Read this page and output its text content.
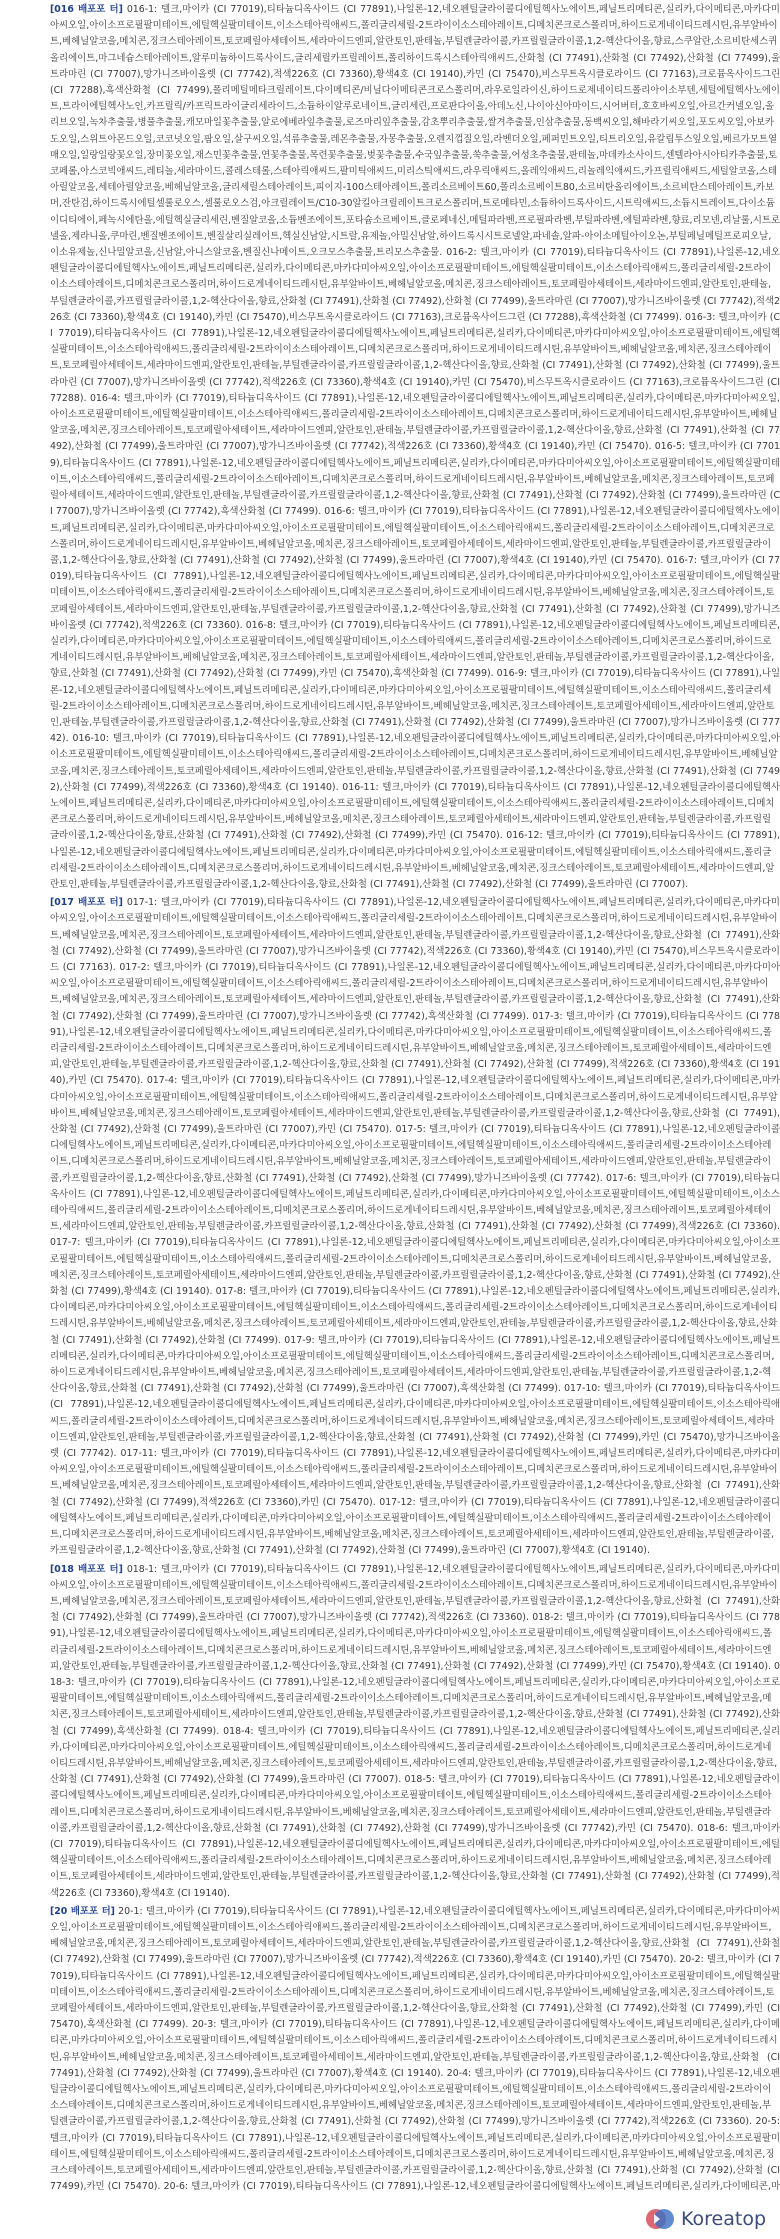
[016 배포포 터] 016-1: 텔크,마이카 (CI 77019),티타늄디옥사이드 (CI 77891),나일론-12,네오펜틸글라이콜디에틸헥사노에이트,페닐트리메티콘,실리카,다이메티콘,마카다미아씨오일,아이소프로필팔미테이트,에틸헥실팔미테이트,이소스테아릭애씨드,폴리글리세릴-2트라이이소스테아레이트,디메치콘크로스폴리머,하이드로게네이티드레시틴,유부알바이트,베헤닐알코올,메치콘,징크스테아레이트,토코페릴아세테이트,세라마이드엔피,알란토인,판테놀,부틸렌글라이콜,카프릴릴글라이콜,1,2-헥산다이올,향료,스쿠알란,소르비탄세스퀴올리에이트,마그네슘스테아레이트,알루미늄하이드록사이드,글리세릴카프릴레이트,폴리하이드록시스테아릭애씨드,산화철 (CI 77491),산화철 (CI 77492),산화철 (CI 77499),울트라마린 (CI 77007),망가니즈바이올렛 (CI 77742),적색226호 (CI 73360),황색4호 (CI 19140),카민 (CI 75470),비스무트옥시클로라이드 (CI 77163),크로뮴옥사이드그린 (CI 77288),흑색산화철 (CI 77499),폴리메틸메타크릴레이트,다이메티콘/비닐다이메티콘크로스폴리머,라우로일라이신,하이드로제네이티드폴리아이소부텐,세틸에틸헥사노에이트,트라이에틸헥사노인,카프릴릭/카프릭트라이글리세라이드,소듐하이알루로네이트,글리세린,프로판다이올,아데노신,나이아신아마이드,시어버터,호호바씨오일,아르간커넬오일,올리브오일,녹차추출물,병풀추출물,캐모마일꽃추출물,알로에베라잎추출물,로즈마리잎추출물,감초뿌리추출물,쌀겨추출물,인삼추출물,동백씨오일,해바라기씨오일,포도씨오일,아보카도오일,스위트아몬드오일,코코넛오일,팜오일,살구씨오일,석류추출물,레몬추출물,자몽추출물,오렌지껍질오일,라벤더오일,페퍼민트오일,티트리오일,유칼립투스잎오일,베르가모트열매오일,일랑일랑꽃오일,장미꽃오일,재스민꽃추출물,연꽃추출물,목련꽃추출물,벚꽃추출물,수국잎추출물,쑥추출물,어성초추출물,판테놀,마데카소사이드,센텔라아시아티카추출물,토코페롤,아스코빅애씨드,레티놀,세라마이드,콜레스테롤,스테아릭애씨드,팔미틱애씨드,미리스틱애씨드,라우릭애씨드,올레익애씨드,리놀레익애씨드,카프릴릭애씨드,세틸알코올,스테아릴알코올,세테아릴알코올,베헤닐알코올,글리세릴스테아레이트,피이지-100스테아레이트,폴리소르베이트60,폴리소르베이트80,소르비탄올리에이트,소르비탄스테아레이트,카보머,잔탄검,하이드록시에틸셀룰로오스,셀룰로오스검,아크릴레이트/C10-30알킬아크릴레이트크로스폴리머,트로메타민,소듐하이드록사이드,시트릭애씨드,소듐시트레이트,다이소듐이디티에이,페녹시에탄올,에틸헥실글리세린,벤질알코올,소듐벤조에이트,포타슘소르베이트,클로페네신,메틸파라벤,프로필파라벤,부틸파라벤,에틸파라벤,향료,리모넨,리날룰,시트로넬올,제라니올,쿠마린,벤질벤조에이트,벤질살리실레이트,헥실신남알,시트랄,유제놀,아밀신남알,하이드록시시트로넬알,파네솔,알파-아이소메틸아이오논,부틸페닐메틸프로피오날,이소유제놀,신나밀알코올,신남알,아니스알코올,벤질신나메이트,오크모스추출물,트리모스추출물. 016-2: 텔크,마이카 (CI 77019),티타늄디옥사이드 (CI 77891),나일론-12,네오펜틸글라이콜디에틸헥사노에이트,페닐트리메티콘,실리카,다이메티콘,마카다미아씨오일,아이소프로필팔미테이트,에틸헥실팔미테이트,이소스테아릭애씨드,폴리글리세릴-2트라이이소스테아레이트,디메치콘크로스폴리머,하이드로게네이티드레시틴,유부알바이트,베헤닐알코올,메치콘,징크스테아레이트,토코페릴아세테이트,세라마이드엔피,알란토인,판테놀,부틸렌글라이콜,카프릴릴글라이콜,1,2-헥산다이올,향료,산화철 (CI 77491),산화철 (CI 77492),산화철 (CI 77499),울트라마린 (CI 77007),망가니즈바이올렛 (CI 77742),적색226호 (CI 73360),황색4호 (CI 19140),카민 (CI 75470),비스무트옥시클로라이드 (CI 77163),크로뮴옥사이드그린 (CI 77288),흑색산화철 (CI 77499). 016-3: 텔크,마이카 (CI 77019),티타늄디옥사이드 (CI 77891),나일론-12,네오펜틸글라이콜디에틸헥사노에이트,페닐트리메티콘,실리카,다이메티콘,마카다미아씨오일,아이소프로필팔미테이트,에틸헥실팔미테이트,이소스테아릭애씨드,폴리글리세릴-2트라이이소스테아레이트,디메치콘크로스폴리머,하이드로게네이티드레시틴,유부알바이트,베헤닐알코올,메치콘,징크스테아레이트,토코페릴아세테이트,세라마이드엔피,알란토인,판테놀,부틸렌글라이콜,카프릴릴글라이콜,1,2-헥산다이올,향료,산화철 (CI 77491),산화철 (CI 77492),산화철 (CI 77499),울트라마린 (CI 77007),망가니즈바이올렛 (CI 77742),적색226호 (CI 73360),황색4호 (CI 19140),카민 (CI 75470),비스무트옥시클로라이드 (CI 77163),크로뮴옥사이드그린 (CI 77288). 016-4: 텔크,마이카 (CI 77019),티타늄디옥사이드 (CI 77891),나일론-12,네오펜틸글라이콜디에틸헥사노에이트,페닐트리메티콘,실리카,다이메티콘,마카다미아씨오일,아이소프로필팔미테이트,에틸헥실팔미테이트,이소스테아릭애씨드,폴리글리세릴-2트라이이소스테아레이트,디메치콘크로스폴리머,하이드로게네이티드레시틴,유부알바이트,베헤닐알코올,메치콘,징크스테아레이트,토코페릴아세테이트,세라마이드엔피,알란토인,판테놀,부틸렌글라이콜,카프릴릴글라이콜,1,2-헥산다이올,향료,산화철 (CI 77491),산화철 (CI 77492),산화철 (CI 77499),울트라마린 (CI 77007),망가니즈바이올렛 (CI 77742),적색226호 (CI 73360),황색4호 (CI 19140),카민 (CI 75470). 016-5: 텔크,마이카 (CI 77019),티타늄디옥사이드 (CI 77891),나일론-12,네오펜틸글라이콜디에틸헥사노에이트,페닐트리메티콘,실리카,다이메티콘,마카다미아씨오일,아이소프로필팔미테이트,에틸헥실팔미테이트,이소스테아릭애씨드,폴리글리세릴-2트라이이소스테아레이트,디메치콘크로스폴리머,하이드로게네이티드레시틴,유부알바이트,베헤닐알코올,메치콘,징크스테아레이트,토코페릴아세테이트,세라마이드엔피,알란토인,판테놀,부틸렌글라이콜,카프릴릴글라이콜,1,2-헥산다이올,향료,산화철 (CI 77491),산화철 (CI 77492),산화철 (CI 77499),울트라마린 (CI 77007),망가니즈바이올렛 (CI 77742),흑색산화철 (CI 77499). 016-6: 텔크,마이카 (CI 77019),티타늄디옥사이드 (CI 77891),나일론-12,네오펜틸글라이콜디에틸헥사노에이트,페닐트리메티콘,실리카,다이메티콘,마카다미아씨오일,아이소프로필팔미테이트,에틸헥실팔미테이트,이소스테아릭애씨드,폴리글리세릴-2트라이이소스테아레이트,디메치콘크로스폴리머,하이드로게네이티드레시틴,유부알바이트,베헤닐알코올,메치콘,징크스테아레이트,토코페릴아세테이트,세라마이드엔피,알란토인,판테놀,부틸렌글라이콜,카프릴릴글라이콜,1,2-헥산다이올,향료,산화철 (CI 77491),산화철 (CI 77492),산화철 (CI 77499),울트라마린 (CI 77007),황색4호 (CI 19140),카민 (CI 75470). 016-7: 텔크,마이카 (CI 77019),티타늄디옥사이드 (CI 77891),나일론-12,네오펜틸글라이콜디에틸헥사노에이트,페닐트리메티콘,실리카,다이메티콘,마카다미아씨오일,아이소프로필팔미테이트,에틸헥실팔미테이트,이소스테아릭애씨드,폴리글리세릴-2트라이이소스테아레이트,디메치콘크로스폴리머,하이드로게네이티드레시틴,유부알바이트,베헤닐알코올,메치콘,징크스테아레이트,토코페릴아세테이트,세라마이드엔피,알란토인,판테놀,부틸렌글라이콜,카프릴릴글라이콜,1,2-헥산다이올,향료,산화철 (CI 77491),산화철 (CI 77492),산화철 (CI 77499),망가니즈바이올렛 (CI 77742),적색226호 (CI 73360). 016-8: 텔크,마이카 (CI 77019),티타늄디옥사이드 (CI 77891),나일론-12,네오펜틸글라이콜디에틸헥사노에이트,페닐트리메티콘,실리카,다이메티콘,마카다미아씨오일,아이소프로필팔미테이트,에틸헥실팔미테이트,이소스테아릭애씨드,폴리글리세릴-2트라이이소스테아레이트,디메치콘크로스폴리머,하이드로게네이티드레시틴,유부알바이트,베헤닐알코올,메치콘,징크스테아레이트,토코페릴아세테이트,세라마이드엔피,알란토인,판테놀,부틸렌글라이콜,카프릴릴글라이콜,1,2-헥산다이올,향료,산화철 (CI 77491),산화철 (CI 77492),산화철 (CI 77499),카민 (CI 75470),흑색산화철 (CI 77499). 016-9: 텔크,마이카 (CI 77019),티타늄디옥사이드 (CI 77891),나일론-12,네오펜틸글라이콜디에틸헥사노에이트,페닐트리메티콘,실리카,다이메티콘,마카다미아씨오일,아이소프로필팔미테이트,에틸헥실팔미테이트,이소스테아릭애씨드,폴리글리세릴-2트라이이소스테아레이트,디메치콘크로스폴리머,하이드로게네이티드레시틴,유부알바이트,베헤닐알코올,메치콘,징크스테아레이트,토코페릴아세테이트,세라마이드엔피,알란토인,판테놀,부틸렌글라이콜,카프릴릴글라이콜,1,2-헥산다이올,향료,산화철 (CI 77491),산화철 (CI 77492),산화철 (CI 77499),울트라마린 (CI 77007),망가니즈바이올렛 (CI 77742). 016-10: 텔크,마이카 (CI 77019),티타늄디옥사이드 (CI 77891),나일론-12,네오펜틸글라이콜디에틸헥사노에이트,페닐트리메티콘,실리카,다이메티콘,마카다미아씨오일,아이소프로필팔미테이트,에틸헥실팔미테이트,이소스테아릭애씨드,폴리글리세릴-2트라이이소스테아레이트,디메치콘크로스폴리머,하이드로게네이티드레시틴,유부알바이트,베헤닐알코올,메치콘,징크스테아레이트,토코페릴아세테이트,세라마이드엔피,알란토인,판테놀,부틸렌글라이콜,카프릴릴글라이콜,1,2-헥산다이올,향료,산화철 (CI 77491),산화철 (CI 77492),산화철 (CI 77499),적색226호 (CI 73360),황색4호 (CI 19140). 016-11: 텔크,마이카 (CI 77019),티타늄디옥사이드 (CI 77891),나일론-12,네오펜틸글라이콜디에틸헥사노에이트,페닐트리메티콘,실리카,다이메티콘,마카다미아씨오일,아이소프로필팔미테이트,에틸헥실팔미테이트,이소스테아릭애씨드,폴리글리세릴-2트라이이소스테아레이트,디메치콘크로스폴리머,하이드로게네이티드레시틴,유부알바이트,베헤닐알코올,메치콘,징크스테아레이트,토코페릴아세테이트,세라마이드엔피,알란토인,판테놀,부틸렌글라이콜,카프릴릴글라이콜,1,2-헥산다이올,향료,산화철 (CI 77491),산화철 (CI 77492),산화철 (CI 77499),카민 (CI 75470). 016-12: 텔크,마이카 (CI 77019),티타늄디옥사이드 (CI 77891),나일론-12,네오펜틸글라이콜디에틸헥사노에이트,페닐트리메티콘,실리카,다이메티콘,마카다미아씨오일,아이소프로필팔미테이트,에틸헥실팔미테이트,이소스테아릭애씨드,폴리글리세릴-2트라이이소스테아레이트,디메치콘크로스폴리머,하이드로게네이티드레시틴,유부알바이트,베헤닐알코올,메치콘,징크스테아레이트,토코페릴아세테이트,세라마이드엔피,알란토인,판테놀,부틸렌글라이콜,카프릴릴글라이콜,1,2-헥산다이올,향료,산화철 (CI 77491),산화철 (CI 77492),산화철 (CI 77499),울트라마린 (CI 77007).

[017 배포포 터] 017-1: 텔크,마이카 (CI 77019),티타늄디옥사이드 (CI 77891),나일론-12,네오펜틸글라이콜디에틸헥사노에이트,페닐트리메티콘,실리카,다이메티콘,마카다미아씨오일,아이소프로필팔미테이트,에틸헥실팔미테이트,이소스테아릭애씨드,폴리글리세릴-2트라이이소스테아레이트,디메치콘크로스폴리머,하이드로게네이티드레시틴,유부알바이트,베헤닐알코올,메치콘,징크스테아레이트,토코페릴아세테이트,세라마이드엔피,알란토인,판테놀,부틸렌글라이콜,카프릴릴글라이콜,1,2-헥산다이올,향료,산화철 (CI 77491),산화철 (CI 77492),산화철 (CI 77499),울트라마린 (CI 77007),망가니즈바이올렛 (CI 77742),적색226호 (CI 73360),황색4호 (CI 19140),카민 (CI 75470),비스무트옥시클로라이드 (CI 77163). 017-2: 텔크,마이카 (CI 77019),티타늄디옥사이드 (CI 77891),나일론-12,네오펜틸글라이콜디에틸헥사노에이트,페닐트리메티콘,실리카,다이메티콘,마카다미아씨오일,아이소프로필팔미테이트,에틸헥실팔미테이트,이소스테아릭애씨드,폴리글리세릴-2트라이이소스테아레이트,디메치콘크로스폴리머,하이드로게네이티드레시틴,유부알바이트,베헤닐알코올,메치콘,징크스테아레이트,토코페릴아세테이트,세라마이드엔피,알란토인,판테놀,부틸렌글라이콜,카프릴릴글라이콜,1,2-헥산다이올,향료,산화철 (CI 77491),산화철 (CI 77492),산화철 (CI 77499),울트라마린 (CI 77007),망가니즈바이올렛 (CI 77742),흑색산화철 (CI 77499). 017-3: 텔크,마이카 (CI 77019),티타늄디옥사이드 (CI 77891),나일론-12,네오펜틸글라이콜디에틸헥사노에이트,페닐트리메티콘,실리카,다이메티콘,마카다미아씨오일,아이소프로필팔미테이트,에틸헥실팔미테이트,이소스테아릭애씨드,폴리글리세릴-2트라이이소스테아레이트,디메치콘크로스폴리머,하이드로게네이티드레시틴,유부알바이트,베헤닐알코올,메치콘,징크스테아레이트,토코페릴아세테이트,세라마이드엔피,알란토인,판테놀,부틸렌글라이콜,카프릴릴글라이콜,1,2-헥산다이올,향료,산화철 (CI 77491),산화철 (CI 77492),산화철 (CI 77499),적색226호 (CI 73360),황색4호 (CI 19140),카민 (CI 75470). 017-4: 텔크,마이카 (CI 77019),티타늄디옥사이드 (CI 77891),나일론-12,네오펜틸글라이콜디에틸헥사노에이트,페닐트리메티콘,실리카,다이메티콘,마카다미아씨오일,아이소프로필팔미테이트,에틸헥실팔미테이트,이소스테아릭애씨드,폴리글리세릴-2트라이이소스테아레이트,디메치콘크로스폴리머,하이드로게네이티드레시틴,유부알바이트,베헤닐알코올,메치콘,징크스테아레이트,토코페릴아세테이트,세라마이드엔피,알란토인,판테놀,부틸렌글라이콜,카프릴릴글라이콜,1,2-헥산다이올,향료,산화철 (CI 77491),산화철 (CI 77492),산화철 (CI 77499),울트라마린 (CI 77007),카민 (CI 75470). 017-5: 텔크,마이카 (CI 77019),티타늄디옥사이드 (CI 77891),나일론-12,네오펜틸글라이콜디에틸헥사노에이트,페닐트리메티콘,실리카,다이메티콘,마카다미아씨오일,아이소프로필팔미테이트,에틸헥실팔미테이트,이소스테아릭애씨드,폴리글리세릴-2트라이이소스테아레이트,디메치콘크로스폴리머,하이드로게네이티드레시틴,유부알바이트,베헤닐알코올,메치콘,징크스테아레이트,토코페릴아세테이트,세라마이드엔피,알란토인,판테놀,부틸렌글라이콜,카프릴릴글라이콜,1,2-헥산다이올,향료,산화철 (CI 77491),산화철 (CI 77492),산화철 (CI 77499),망가니즈바이올렛 (CI 77742). 017-6: 텔크,마이카 (CI 77019),티타늄디옥사이드 (CI 77891),나일론-12,네오펜틸글라이콜디에틸헥사노에이트,페닐트리메티콘,실리카,다이메티콘,마카다미아씨오일,아이소프로필팔미테이트,에틸헥실팔미테이트,이소스테아릭애씨드,폴리글리세릴-2트라이이소스테아레이트,디메치콘크로스폴리머,하이드로게네이티드레시틴,유부알바이트,베헤닐알코올,메치콘,징크스테아레이트,토코페릴아세테이트,세라마이드엔피,알란토인,판테놀,부틸렌글라이콜,카프릴릴글라이콜,1,2-헥산다이올,향료,산화철 (CI 77491),산화철 (CI 77492),산화철 (CI 77499),적색226호 (CI 73360). 017-7: 텔크,마이카 (CI 77019),티타늄디옥사이드 (CI 77891),나일론-12,네오펜틸글라이콜디에틸헥사노에이트,페닐트리메티콘,실리카,다이메티콘,마카다미아씨오일,아이소프로필팔미테이트,에틸헥실팔미테이트,이소스테아릭애씨드,폴리글리세릴-2트라이이소스테아레이트,디메치콘크로스폴리머,하이드로게네이티드레시틴,유부알바이트,베헤닐알코올,메치콘,징크스테아레이트,토코페릴아세테이트,세라마이드엔피,알란토인,판테놀,부틸렌글라이콜,카프릴릴글라이콜,1,2-헥산다이올,향료,산화철 (CI 77491),산화철 (CI 77492),산화철 (CI 77499),황색4호 (CI 19140). 017-8: 텔크,마이카 (CI 77019),티타늄디옥사이드 (CI 77891),나일론-12,네오펜틸글라이콜디에틸헥사노에이트,페닐트리메티콘,실리카,다이메티콘,마카다미아씨오일,아이소프로필팔미테이트,에틸헥실팔미테이트,이소스테아릭애씨드,폴리글리세릴-2트라이이소스테아레이트,디메치콘크로스폴리머,하이드로게네이티드레시틴,유부알바이트,베헤닐알코올,메치콘,징크스테아레이트,토코페릴아세테이트,세라마이드엔피,알란토인,판테놀,부틸렌글라이콜,카프릴릴글라이콜,1,2-헥산다이올,향료,산화철 (CI 77491),산화철 (CI 77492),산화철 (CI 77499). 017-9: 텔크,마이카 (CI 77019),티타늄디옥사이드 (CI 77891),나일론-12,네오펜틸글라이콜디에틸헥사노에이트,페닐트리메티콘,실리카,다이메티콘,마카다미아씨오일,아이소프로필팔미테이트,에틸헥실팔미테이트,이소스테아릭애씨드,폴리글리세릴-2트라이이소스테아레이트,디메치콘크로스폴리머,하이드로게네이티드레시틴,유부알바이트,베헤닐알코올,메치콘,징크스테아레이트,토코페릴아세테이트,세라마이드엔피,알란토인,판테놀,부틸렌글라이콜,카프릴릴글라이콜,1,2-헥산다이올,향료,산화철 (CI 77491),산화철 (CI 77492),산화철 (CI 77499),울트라마린 (CI 77007),흑색산화철 (CI 77499). 017-10: 텔크,마이카 (CI 77019),티타늄디옥사이드 (CI 77891),나일론-12,네오펜틸글라이콜디에틸헥사노에이트,페닐트리메티콘,실리카,다이메티콘,마카다미아씨오일,아이소프로필팔미테이트,에틸헥실팔미테이트,이소스테아릭애씨드,폴리글리세릴-2트라이이소스테아레이트,디메치콘크로스폴리머,하이드로게네이티드레시틴,유부알바이트,베헤닐알코올,메치콘,징크스테아레이트,토코페릴아세테이트,세라마이드엔피,알란토인,판테놀,부틸렌글라이콜,카프릴릴글라이콜,1,2-헥산다이올,향료,산화철 (CI 77491),산화철 (CI 77492),산화철 (CI 77499),카민 (CI 75470),망가니즈바이올렛 (CI 77742). 017-11: 텔크,마이카 (CI 77019),티타늄디옥사이드 (CI 77891),나일론-12,네오펜틸글라이콜디에틸헥사노에이트,페닐트리메티콘,실리카,다이메티콘,마카다미아씨오일,아이소프로필팔미테이트,에틸헥실팔미테이트,이소스테아릭애씨드,폴리글리세릴-2트라이이소스테아레이트,디메치콘크로스폴리머,하이드로게네이티드레시틴,유부알바이트,베헤닐알코올,메치콘,징크스테아레이트,토코페릴아세테이트,세라마이드엔피,알란토인,판테놀,부틸렌글라이콜,카프릴릴글라이콜,1,2-헥산다이올,향료,산화철 (CI 77491),산화철 (CI 77492),산화철 (CI 77499),적색226호 (CI 73360),카민 (CI 75470). 017-12: 텔크,마이카 (CI 77019),티타늄디옥사이드 (CI 77891),나일론-12,네오펜틸글라이콜디에틸헥사노에이트,페닐트리메티콘,실리카,다이메티콘,마카다미아씨오일,아이소프로필팔미테이트,에틸헥실팔미테이트,이소스테아릭애씨드,폴리글리세릴-2트라이이소스테아레이트,디메치콘크로스폴리머,하이드로게네이티드레시틴,유부알바이트,베헤닐알코올,메치콘,징크스테아레이트,토코페릴아세테이트,세라마이드엔피,알란토인,판테놀,부틸렌글라이콜,카프릴릴글라이콜,1,2-헥산다이올,향료,산화철 (CI 77491),산화철 (CI 77492),산화철 (CI 77499),울트라마린 (CI 77007),황색4호 (CI 19140).

[018 배포포 터] 018-1: 텔크,마이카 (CI 77019),티타늄디옥사이드 (CI 77891),나일론-12,네오펜틸글라이콜디에틸헥사노에이트,페닐트리메티콘,실리카,다이메티콘,마카다미아씨오일,아이소프로필팔미테이트,에틸헥실팔미테이트,이소스테아릭애씨드,폴리글리세릴-2트라이이소스테아레이트,디메치콘크로스폴리머,하이드로게네이티드레시틴,유부알바이트,베헤닐알코올,메치콘,징크스테아레이트,토코페릴아세테이트,세라마이드엔피,알란토인,판테놀,부틸렌글라이콜,카프릴릴글라이콜,1,2-헥산다이올,향료,산화철 (CI 77491),산화철 (CI 77492),산화철 (CI 77499),울트라마린 (CI 77007),망가니즈바이올렛 (CI 77742),적색226호 (CI 73360). 018-2: 텔크,마이카 (CI 77019),티타늄디옥사이드 (CI 77891),나일론-12,네오펜틸글라이콜디에틸헥사노에이트,페닐트리메티콘,실리카,다이메티콘,마카다미아씨오일,아이소프로필팔미테이트,에틸헥실팔미테이트,이소스테아릭애씨드,폴리글리세릴-2트라이이소스테아레이트,디메치콘크로스폴리머,하이드로게네이티드레시틴,유부알바이트,베헤닐알코올,메치콘,징크스테아레이트,토코페릴아세테이트,세라마이드엔피,알란토인,판테놀,부틸렌글라이콜,카프릴릴글라이콜,1,2-헥산다이올,향료,산화철 (CI 77491),산화철 (CI 77492),산화철 (CI 77499),카민 (CI 75470),황색4호 (CI 19140). 018-3: 텔크,마이카 (CI 77019),티타늄디옥사이드 (CI 77891),나일론-12,네오펜틸글라이콜디에틸헥사노에이트,페닐트리메티콘,실리카,다이메티콘,마카다미아씨오일,아이소프로필팔미테이트,에틸헥실팔미테이트,이소스테아릭애씨드,폴리글리세릴-2트라이이소스테아레이트,디메치콘크로스폴리머,하이드로게네이티드레시틴,유부알바이트,베헤닐알코올,메치콘,징크스테아레이트,토코페릴아세테이트,세라마이드엔피,알란토인,판테놀,부틸렌글라이콜,카프릴릴글라이콜,1,2-헥산다이올,향료,산화철 (CI 77491),산화철 (CI 77492),산화철 (CI 77499),흑색산화철 (CI 77499). 018-4: 텔크,마이카 (CI 77019),티타늄디옥사이드 (CI 77891),나일론-12,네오펜틸글라이콜디에틸헥사노에이트,페닐트리메티콘,실리카,다이메티콘,마카다미아씨오일,아이소프로필팔미테이트,에틸헥실팔미테이트,이소스테아릭애씨드,폴리글리세릴-2트라이이소스테아레이트,디메치콘크로스폴리머,하이드로게네이티드레시틴,유부알바이트,베헤닐알코올,메치콘,징크스테아레이트,토코페릴아세테이트,세라마이드엔피,알란토인,판테놀,부틸렌글라이콜,카프릴릴글라이콜,1,2-헥산다이올,향료,산화철 (CI 77491),산화철 (CI 77492),산화철 (CI 77499),울트라마린 (CI 77007). 018-5: 텔크,마이카 (CI 77019),티타늄디옥사이드 (CI 77891),나일론-12,네오펜틸글라이콜디에틸헥사노에이트,페닐트리메티콘,실리카,다이메티콘,마카다미아씨오일,아이소프로필팔미테이트,에틸헥실팔미테이트,이소스테아릭애씨드,폴리글리세릴-2트라이이소스테아레이트,디메치콘크로스폴리머,하이드로게네이티드레시틴,유부알바이트,베헤닐알코올,메치콘,징크스테아레이트,토코페릴아세테이트,세라마이드엔피,알란토인,판테놀,부틸렌글라이콜,카프릴릴글라이콜,1,2-헥산다이올,향료,산화철 (CI 77491),산화철 (CI 77492),산화철 (CI 77499),망가니즈바이올렛 (CI 77742),카민 (CI 75470). 018-6: 텔크,마이카 (CI 77019),티타늄디옥사이드 (CI 77891),나일론-12,네오펜틸글라이콜디에틸헥사노에이트,페닐트리메티콘,실리카,다이메티콘,마카다미아씨오일,아이소프로필팔미테이트,에틸헥실팔미테이트,이소스테아릭애씨드,폴리글리세릴-2트라이이소스테아레이트,디메치콘크로스폴리머,하이드로게네이티드레시틴,유부알바이트,베헤닐알코올,메치콘,징크스테아레이트,토코페릴아세테이트,세라마이드엔피,알란토인,판테놀,부틸렌글라이콜,카프릴릴글라이콜,1,2-헥산다이올,향료,산화철 (CI 77491),산화철 (CI 77492),산화철 (CI 77499),적색226호 (CI 73360),황색4호 (CI 19140).

[20 배포포 터] 20-1: 텔크,마이카 (CI 77019),티타늄디옥사이드 (CI 77891),나일론-12,네오펜틸글라이콜디에틸헥사노에이트,페닐트리메티콘,실리카,다이메티콘,마카다미아씨오일,아이소프로필팔미테이트,에틸헥실팔미테이트,이소스테아릭애씨드,폴리글리세릴-2트라이이소스테아레이트,디메치콘크로스폴리머,하이드로게네이티드레시틴,유부알바이트,베헤닐알코올,메치콘,징크스테아레이트,토코페릴아세테이트,세라마이드엔피,알란토인,판테놀,부틸렌글라이콜,카프릴릴글라이콜,1,2-헥산다이올,향료,산화철 (CI 77491),산화철 (CI 77492),산화철 (CI 77499),울트라마린 (CI 77007),망가니즈바이올렛 (CI 77742),적색226호 (CI 73360),황색4호 (CI 19140),카민 (CI 75470). 20-2: 텔크,마이카 (CI 77019),티타늄디옥사이드 (CI 77891),나일론-12,네오펜틸글라이콜디에틸헥사노에이트,페닐트리메티콘,실리카,다이메티콘,마카다미아씨오일,아이소프로필팔미테이트,에틸헥실팔미테이트,이소스테아릭애씨드,폴리글리세릴-2트라이이소스테아레이트,디메치콘크로스폴리머,하이드로게네이티드레시틴,유부알바이트,베헤닐알코올,메치콘,징크스테아레이트,토코페릴아세테이트,세라마이드엔피,알란토인,판테놀,부틸렌글라이콜,카프릴릴글라이콜,1,2-헥산다이올,향료,산화철 (CI 77491),산화철 (CI 77492),산화철 (CI 77499),카민 (CI 75470),흑색산화철 (CI 77499). 20-3: 텔크,마이카 (CI 77019),티타늄디옥사이드 (CI 77891),나일론-12,네오펜틸글라이콜디에틸헥사노에이트,페닐트리메티콘,실리카,다이메티콘,마카다미아씨오일,아이소프로필팔미테이트,에틸헥실팔미테이트,이소스테아릭애씨드,폴리글리세릴-2트라이이소스테아레이트,디메치콘크로스폴리머,하이드로게네이티드레시틴,유부알바이트,베헤닐알코올,메치콘,징크스테아레이트,토코페릴아세테이트,세라마이드엔피,알란토인,판테놀,부틸렌글라이콜,카프릴릴글라이콜,1,2-헥산다이올,향료,산화철 (CI 77491),산화철 (CI 77492),산화철 (CI 77499),울트라마린 (CI 77007),황색4호 (CI 19140). 20-4: 텔크,마이카 (CI 77019),티타늄디옥사이드 (CI 77891),나일론-12,네오펜틸글라이콜디에틸헥사노에이트,페닐트리메티콘,실리카,다이메티콘,마카다미아씨오일,아이소프로필팔미테이트,에틸헥실팔미테이트,이소스테아릭애씨드,폴리글리세릴-2트라이이소스테아레이트,디메치콘크로스폴리머,하이드로게네이티드레시틴,유부알바이트,베헤닐알코올,메치콘,징크스테아레이트,토코페릴아세테이트,세라마이드엔피,알란토인,판테놀,부틸렌글라이콜,카프릴릴글라이콜,1,2-헥산다이올,향료,산화철 (CI 77491),산화철 (CI 77492),산화철 (CI 77499),망가니즈바이올렛 (CI 77742),적색226호 (CI 73360). 20-5: 텔크,마이카 (CI 77019),티타늄디옥사이드 (CI 77891),나일론-12,네오펜틸글라이콜디에틸헥사노에이트,페닐트리메티콘,실리카,다이메티콘,마카다미아씨오일,아이소프로필팔미테이트,에틸헥실팔미테이트,이소스테아릭애씨드,폴리글리세릴-2트라이이소스테아레이트,디메치콘크로스폴리머,하이드로게네이티드레시틴,유부알바이트,베헤닐알코올,메치콘,징크스테아레이트,토코페릴아세테이트,세라마이드엔피,알란토인,판테놀,부틸렌글라이콜,카프릴릴글라이콜,1,2-헥산다이올,향료,산화철 (CI 77491),산화철 (CI 77492),산화철 (CI 77499),카민 (CI 75470). 20-6: 텔크,마이카 (CI 77019),티타늄디옥사이드 (CI 77891),나일론-12,네오펜틸글라이콜디에틸헥사노에이트,페닐트리메티콘,실리카,다이메티콘,마

Koreatop
